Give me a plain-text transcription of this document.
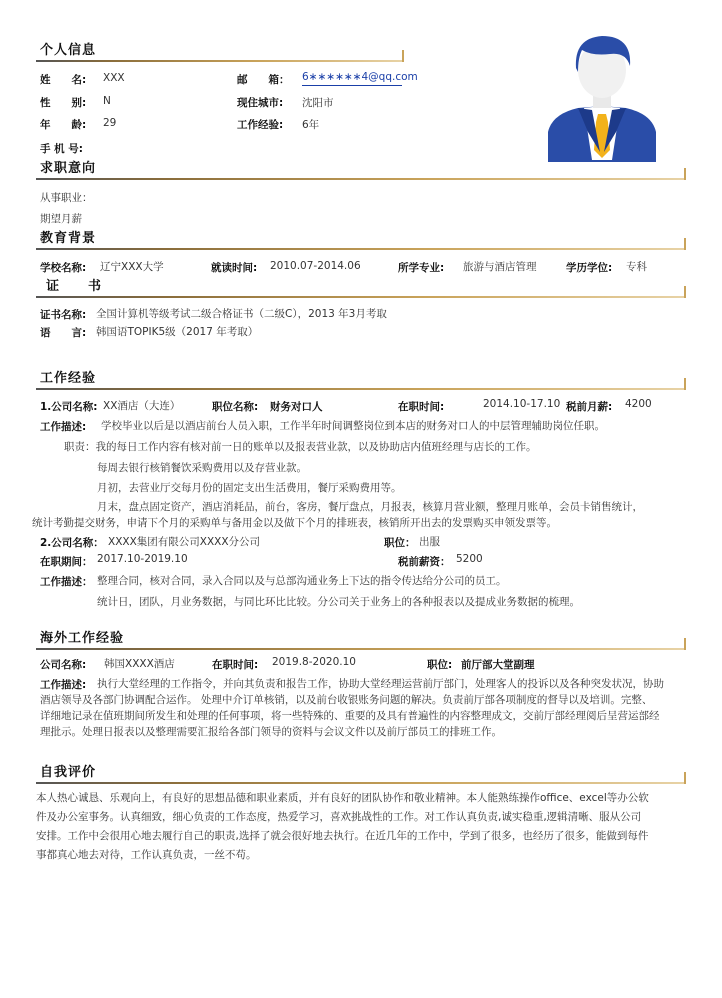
个人信息
姓　　名: XXX
性　　别: N
年　　龄: 29
手 机 号:
邮　　箱： 6∗∗∗∗∗∗4@qq.com
现住城市: 沈阳市
工作经验: 6年
求职意向
从事职业：
期望月薪
教育背景
学校名称: 辽宁XXX大学	就读时间: 2010.07-2014.06	所学专业: 旅游与酒店管理	学历学位: 专科
证　　书
证书名称: 全国计算机等级考试二级合格证书（二级C），2013 年3月考取
语　　言: 韩国语TOPIK5级（2017 年考取）
工作经验
1.公司名称: XX酒店（大连）	职位名称: 财务对口人	在职时间:	2014.10-17.10 税前月薪: 4200
工作描述: 学校毕业以后是以酒店前台人员入职，工作半年时间调整岗位到本店的财务对口人的中层管理辅助岗位任职。
职责：我的每日工作内容有核对前一日的账单以及报表营业款，以及协助店内值班经理与店长的工作。
每周去银行核销餐饮采购费用以及存营业款。
月初，去营业厅交每月份的固定支出生活费用，餐厅采购费用等。
月末，盘点固定资产，酒店消耗品，前台，客房，餐厅盘点，月报表，核算月营业额，整理月账单，会员卡销售统计，
统计考勤提交财务，申请下个月的采购单与备用金以及做下个月的排班表，核销所开出去的发票购买申领发票等。
2.公司名称： XXXX集团有限公司XXXX分公司	职位： 出服
在职期间： 2017.10-2019.10	税前薪资： 5200
工作描述： 整理合同，核对合同，录入合同以及与总部沟通业务上下达的指令传达给分公司的员工。
统计日，团队，月业务数据，与同比环比比较。分公司关于业务上的各种报表以及提成业务数据的梳理。
海外工作经验
公司名称: 韩国XXXX酒店	在职时间: 2019.8-2020.10	职位: 前厅部大堂副理
工作描述: 执行大堂经理的工作指令，并向其负责和报告工作，协助大堂经理运营前厅部门，处理客人的投诉以及各种突发状况，协助
酒店领导及各部门协调配合运作。 处理中介订单核销，以及前台收银账务问题的解决。负责前厅部各项制度的督导以及培训。完整、
详细地记录在值班期间所发生和处理的任何事项，将一些特殊的、重要的及具有普遍性的内容整理成文，交前厅部经理阅后呈营运部经
理批示。处理日报表以及整理需要汇报给各部门领导的资料与会议文件以及前厅部员工的排班工作。
自我评价
本人热心诚恳、乐观向上，有良好的思想品德和职业素质，并有良好的团队协作和敬业精神。本人能熟练操作office、excel等办公软
件及办公室事务。认真细致，细心负责的工作态度，热爱学习，喜欢挑战性的工作。对工作认真负责,诚实稳重,逻辑清晰、服从公司
安排。工作中会很用心地去履行自己的职责,选择了就会很好地去执行。在近几年的工作中，学到了很多，也经历了很多，能做到每件
事都真心地去对待，工作认真负责，一丝不苟。
